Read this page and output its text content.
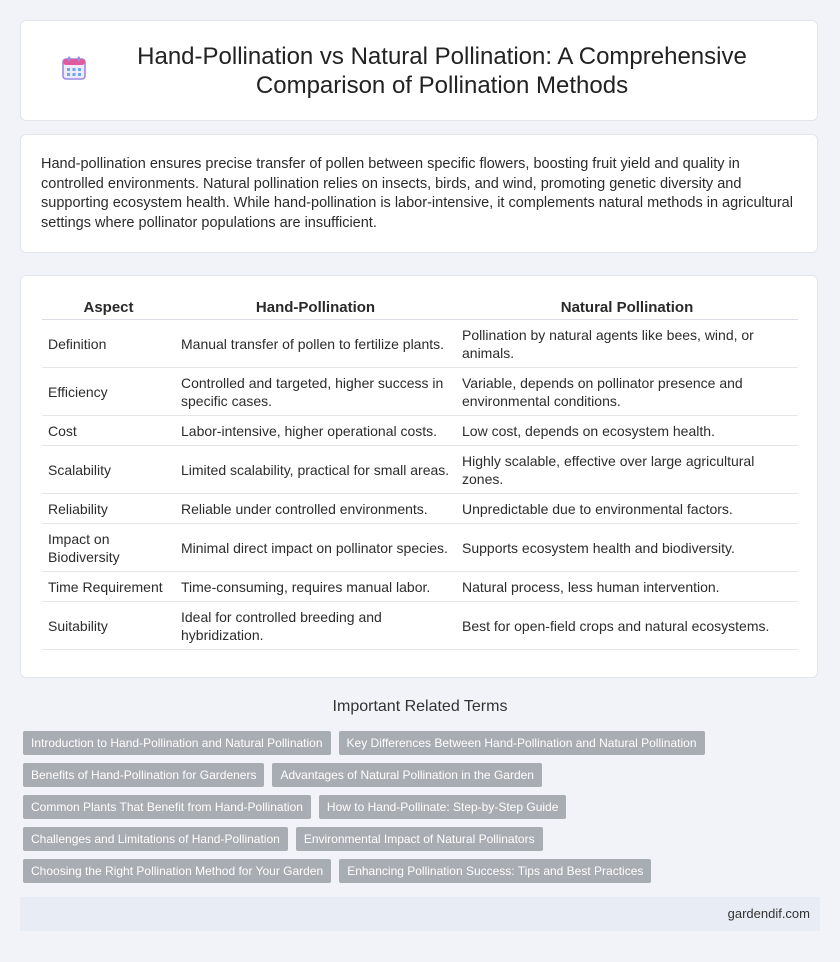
Hand-Pollination vs Natural Pollination: A Comprehensive Comparison of Pollination Methods

Hand-pollination ensures precise transfer of pollen between specific flowers, boosting fruit yield and quality in controlled environments. Natural pollination relies on insects, birds, and wind, promoting genetic diversity and supporting ecosystem health. While hand-pollination is labor-intensive, it complements natural methods in agricultural settings where pollinator populations are insufficient.

Aspect	Hand-Pollination	Natural Pollination
Definition	Manual transfer of pollen to fertilize plants.	Pollination by natural agents like bees, wind, or animals.
Efficiency	Controlled and targeted, higher success in specific cases.	Variable, depends on pollinator presence and environmental conditions.
Cost	Labor-intensive, higher operational costs.	Low cost, depends on ecosystem health.
Scalability	Limited scalability, practical for small areas.	Highly scalable, effective over large agricultural zones.
Reliability	Reliable under controlled environments.	Unpredictable due to environmental factors.
Impact on Biodiversity	Minimal direct impact on pollinator species.	Supports ecosystem health and biodiversity.
Time Requirement	Time-consuming, requires manual labor.	Natural process, less human intervention.
Suitability	Ideal for controlled breeding and hybridization.	Best for open-field crops and natural ecosystems.
Important Related Terms
Introduction to Hand-Pollination and Natural Pollination	Key Differences Between Hand-Pollination and Natural Pollination
Benefits of Hand-Pollination for Gardeners	Advantages of Natural Pollination in the Garden
Common Plants That Benefit from Hand-Pollination	How to Hand-Pollinate: Step-by-Step Guide
Challenges and Limitations of Hand-Pollination	Environmental Impact of Natural Pollinators
Choosing the Right Pollination Method for Your Garden	Enhancing Pollination Success: Tips and Best Practices
gardendif.com
